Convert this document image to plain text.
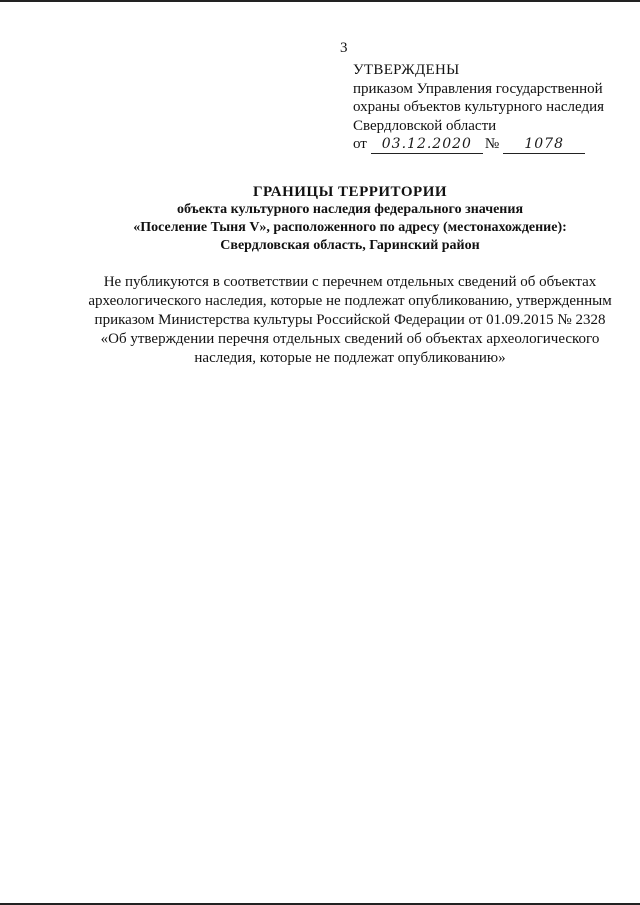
3
УТВЕРЖДЕНЫ
приказом Управления государственной
охраны объектов культурного наследия
Свердловской области
от 03.12.2020 № 1078
ГРАНИЦЫ ТЕРРИТОРИИ
объекта культурного наследия федерального значения
«Поселение Тыня V», расположенного по адресу (местонахождение):
Свердловская область, Гаринский район
Не публикуются в соответствии с перечнем отдельных сведений об объектах
археологического наследия, которые не подлежат опубликованию, утвержденным
приказом Министерства культуры Российской Федерации от 01.09.2015 № 2328
«Об утверждении перечня отдельных сведений об объектах археологического
наследия, которые не подлежат опубликованию»
